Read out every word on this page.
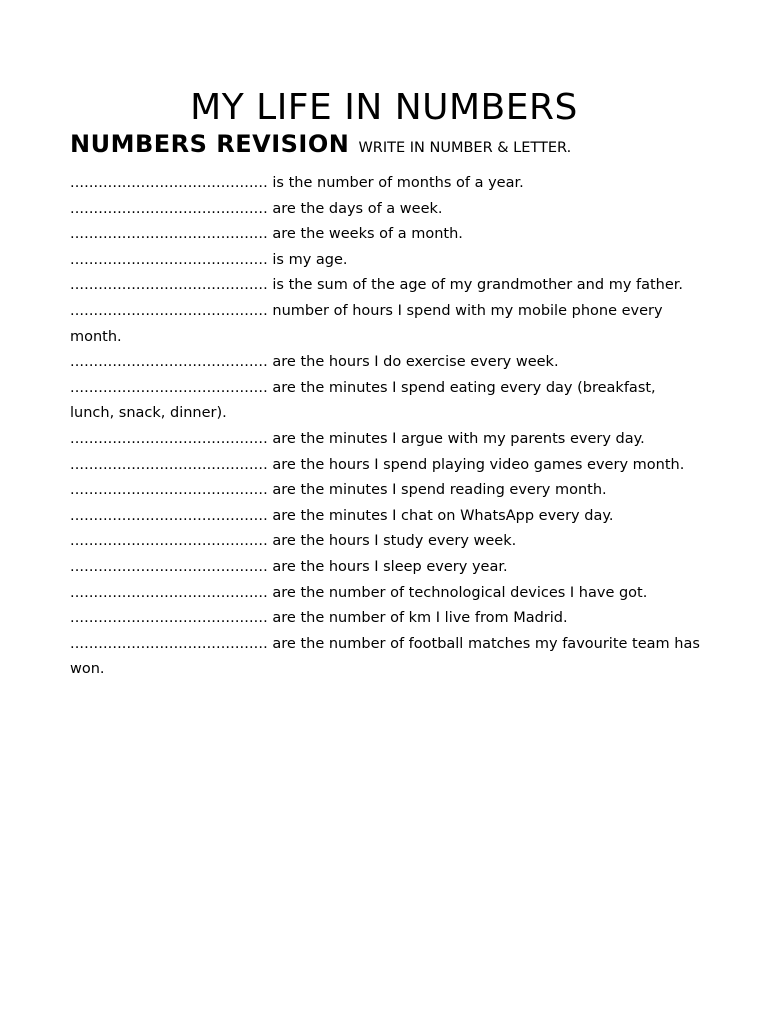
MY LIFE IN NUMBERS
NUMBERS REVISION WRITE IN NUMBER & LETTER.
.......................................... is the number of months of a year.
.......................................... are the days of a week.
.......................................... are the weeks of a month.
.......................................... is my age.
.......................................... is the sum of the age of my grandmother and my father.
.......................................... number of hours I spend with my mobile phone every month.
.......................................... are the hours I do exercise every week.
.......................................... are the minutes I spend eating every day (breakfast, lunch, snack, dinner).
.......................................... are the minutes I argue with my parents every day.
.......................................... are the hours I spend playing video games every month.
.......................................... are the minutes I spend reading every month.
.......................................... are the minutes I chat on WhatsApp every day.
.......................................... are the hours I study every week.
.......................................... are the hours I sleep every year.
.......................................... are the number of technological devices I have got.
.......................................... are the number of km I live from Madrid.
.......................................... are the number of football matches my favourite team has won.
